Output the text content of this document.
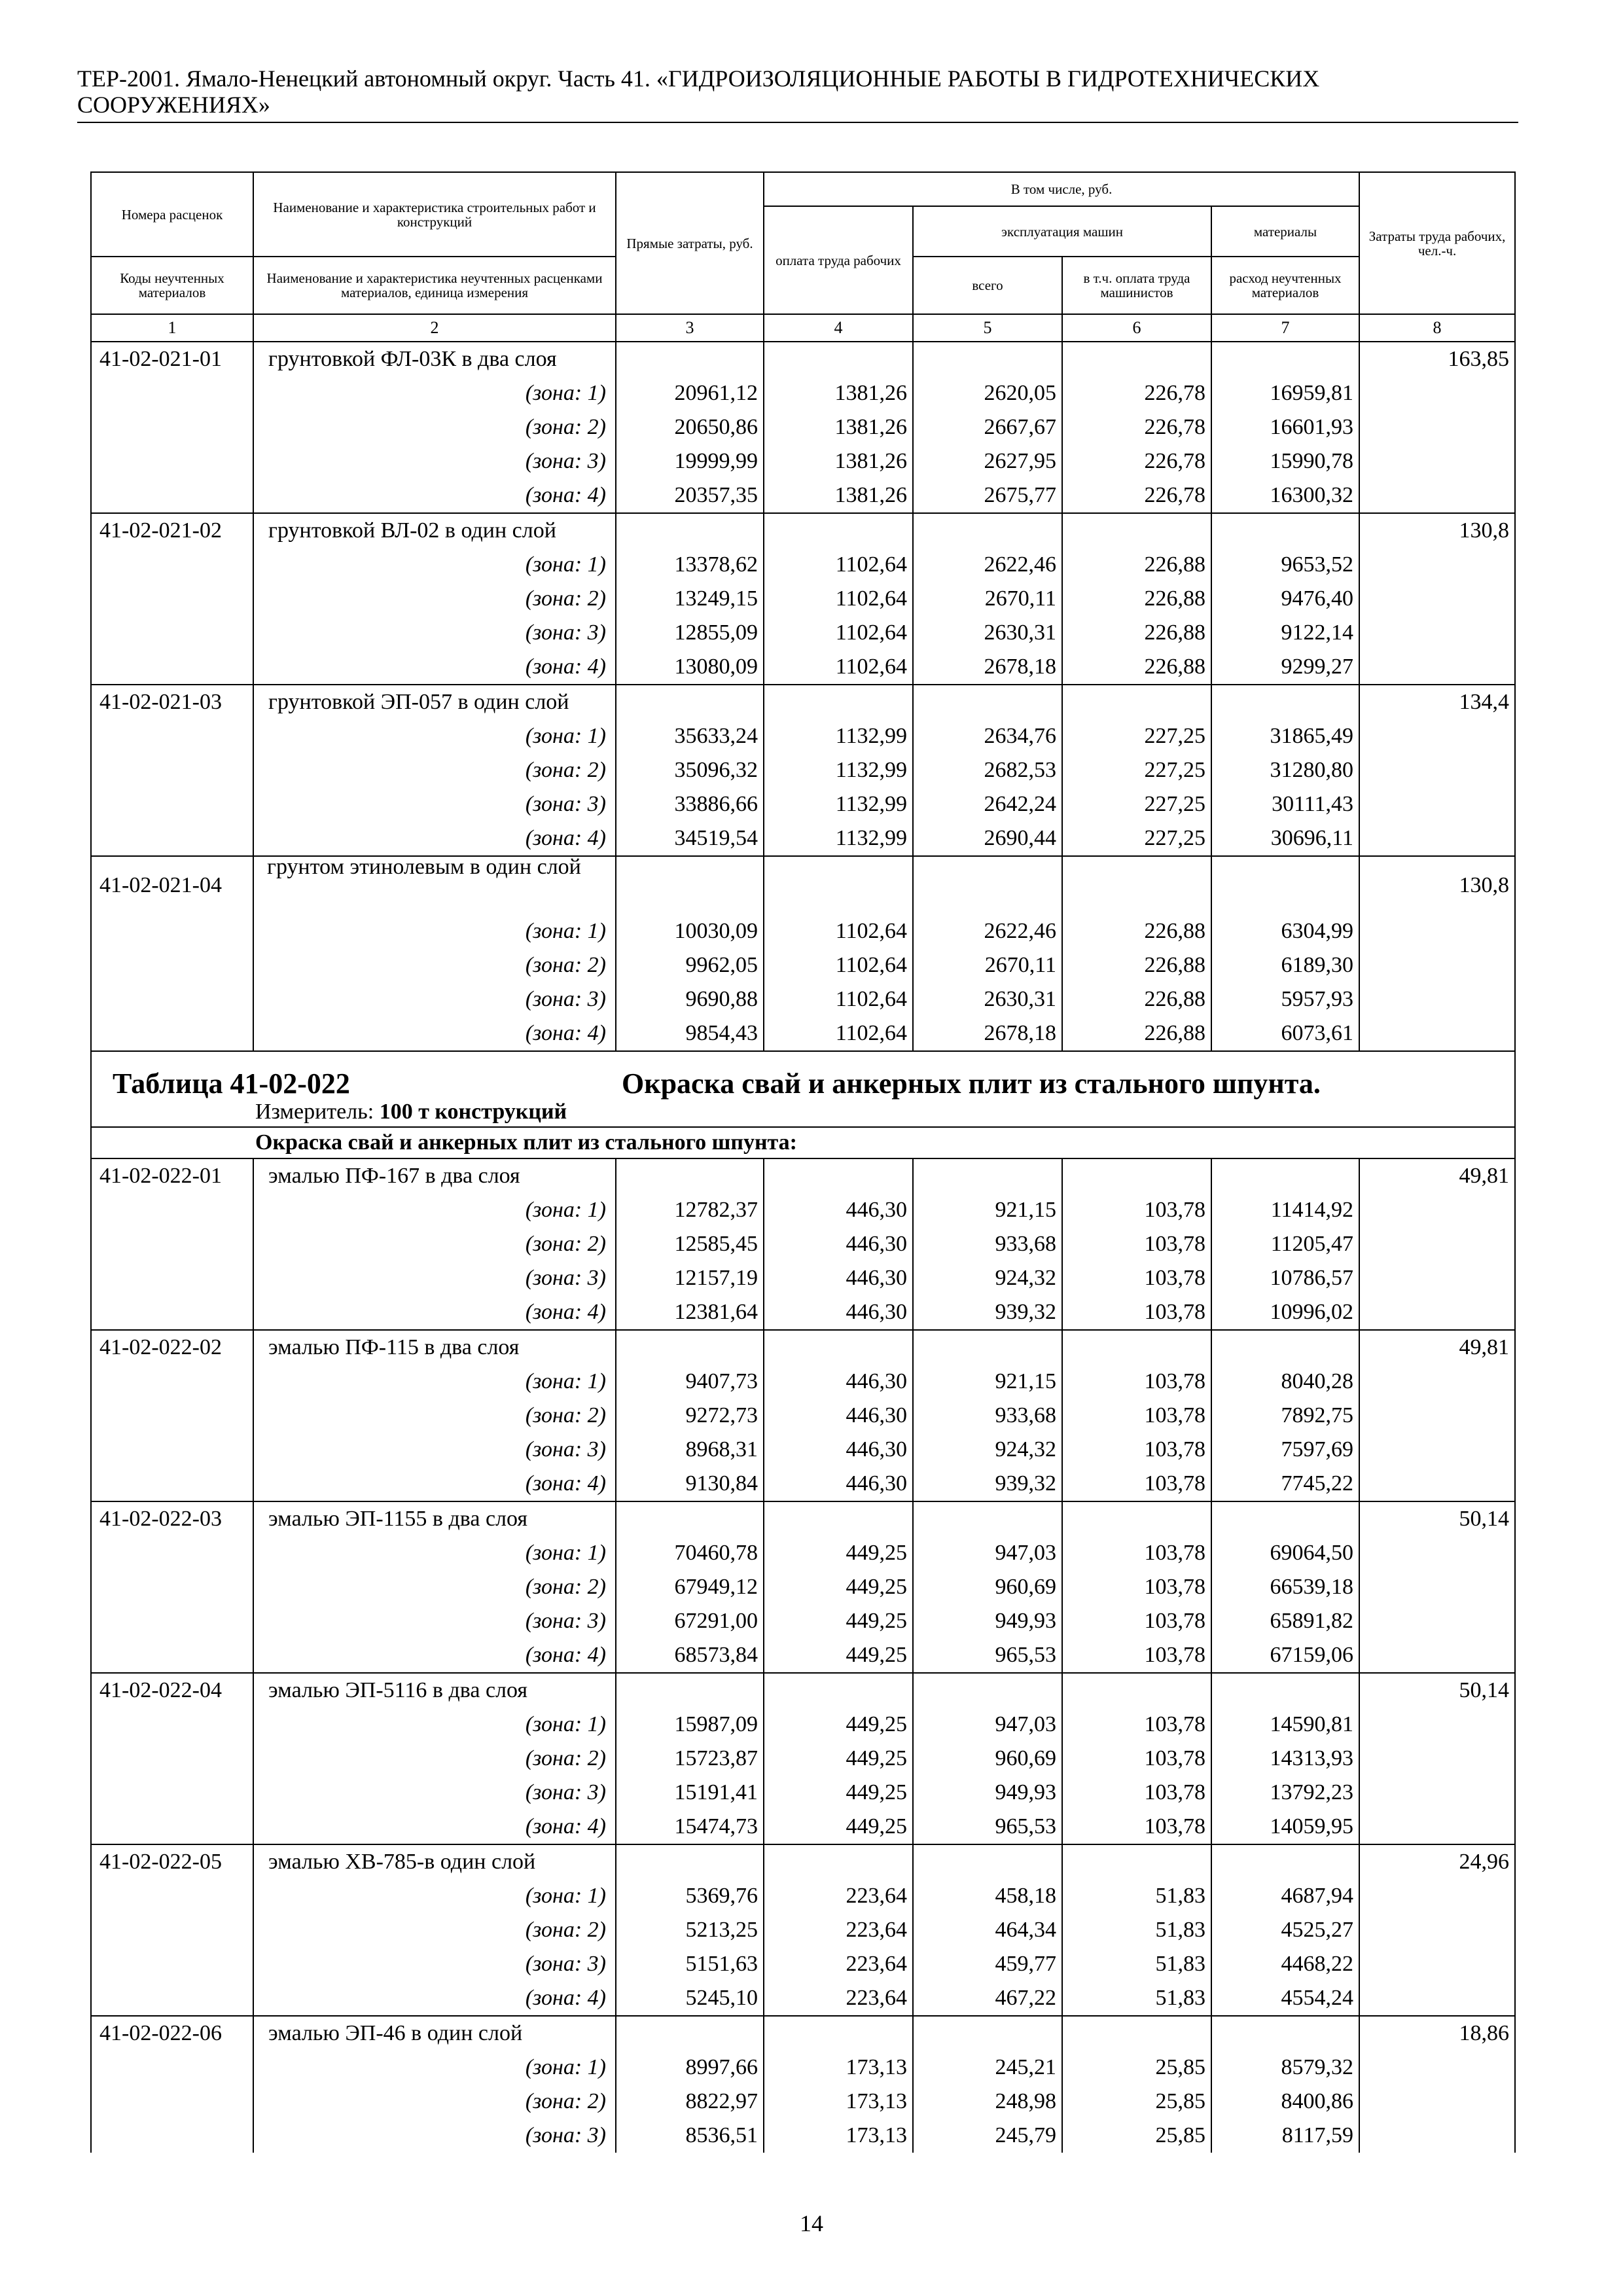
ТЕР-2001. Ямало-Ненецкий автономный округ. Часть 41. «ГИДРОИЗОЛЯЦИОННЫЕ РАБОТЫ В ГИДРОТЕХНИЧЕСКИХ
СООРУЖЕНИЯХ»
Номера расценок	Наименование и характеристика строительных работ и конструкций	Прямые затраты, руб.	В том числе, руб.				Затраты труда рабочих, чел.-ч.
			оплата труда рабочих	эксплуатация машин		материалы	
Коды неучтенных материалов	Наименование и характеристика неучтенных расценками материалов, единица измерения			всего	в т.ч. оплата труда машинистов	расход неучтенных материалов	
1	2	3	4	5	6	7	8
41-02-021-01	грунтовкой ФЛ-03К в два слоя						163,85
	(зона: 1)	20961,12	1381,26	2620,05	226,78	16959,81	
	(зона: 2)	20650,86	1381,26	2667,67	226,78	16601,93	
	(зона: 3)	19999,99	1381,26	2627,95	226,78	15990,78	
	(зона: 4)	20357,35	1381,26	2675,77	226,78	16300,32	
41-02-021-02	грунтовкой ВЛ-02 в один слой						130,8
	(зона: 1)	13378,62	1102,64	2622,46	226,88	9653,52	
	(зона: 2)	13249,15	1102,64	2670,11	226,88	9476,40	
	(зона: 3)	12855,09	1102,64	2630,31	226,88	9122,14	
	(зона: 4)	13080,09	1102,64	2678,18	226,88	9299,27	
41-02-021-03	грунтовкой ЭП-057 в один слой						134,4
	(зона: 1)	35633,24	1132,99	2634,76	227,25	31865,49	
	(зона: 2)	35096,32	1132,99	2682,53	227,25	31280,80	
	(зона: 3)	33886,66	1132,99	2642,24	227,25	30111,43	
	(зона: 4)	34519,54	1132,99	2690,44	227,25	30696,11	
41-02-021-04	грунтом этинолевым в один слой						130,8
	(зона: 1)	10030,09	1102,64	2622,46	226,88	6304,99	
	(зона: 2)	9962,05	1102,64	2670,11	226,88	6189,30	
	(зона: 3)	9690,88	1102,64	2630,31	226,88	5957,93	
	(зона: 4)	9854,43	1102,64	2678,18	226,88	6073,61	
Таблица 41-02-022 Окраска свай и анкерных плит из стального шпунта.							

Измеритель: 100 т конструкций							
Окраска свай и анкерных плит из стального шпунта:							
41-02-022-01	эмалью ПФ-167 в два слоя						49,81
	(зона: 1)	12782,37	446,30	921,15	103,78	11414,92	
	(зона: 2)	12585,45	446,30	933,68	103,78	11205,47	
	(зона: 3)	12157,19	446,30	924,32	103,78	10786,57	
	(зона: 4)	12381,64	446,30	939,32	103,78	10996,02	
41-02-022-02	эмалью ПФ-115 в два слоя						49,81
	(зона: 1)	9407,73	446,30	921,15	103,78	8040,28	
	(зона: 2)	9272,73	446,30	933,68	103,78	7892,75	
	(зона: 3)	8968,31	446,30	924,32	103,78	7597,69	
	(зона: 4)	9130,84	446,30	939,32	103,78	7745,22	
41-02-022-03	эмалью ЭП-1155 в два слоя						50,14
	(зона: 1)	70460,78	449,25	947,03	103,78	69064,50	
	(зона: 2)	67949,12	449,25	960,69	103,78	66539,18	
	(зона: 3)	67291,00	449,25	949,93	103,78	65891,82	
	(зона: 4)	68573,84	449,25	965,53	103,78	67159,06	
41-02-022-04	эмалью ЭП-5116 в два слоя						50,14
	(зона: 1)	15987,09	449,25	947,03	103,78	14590,81	
	(зона: 2)	15723,87	449,25	960,69	103,78	14313,93	
	(зона: 3)	15191,41	449,25	949,93	103,78	13792,23	
	(зона: 4)	15474,73	449,25	965,53	103,78	14059,95	
41-02-022-05	эмалью ХВ-785-в один слой						24,96
	(зона: 1)	5369,76	223,64	458,18	51,83	4687,94	
	(зона: 2)	5213,25	223,64	464,34	51,83	4525,27	
	(зона: 3)	5151,63	223,64	459,77	51,83	4468,22	
	(зона: 4)	5245,10	223,64	467,22	51,83	4554,24	
41-02-022-06	эмалью ЭП-46 в один слой						18,86
	(зона: 1)	8997,66	173,13	245,21	25,85	8579,32	
	(зона: 2)	8822,97	173,13	248,98	25,85	8400,86	
	(зона: 3)	8536,51	173,13	245,79	25,85	8117,59	
14
